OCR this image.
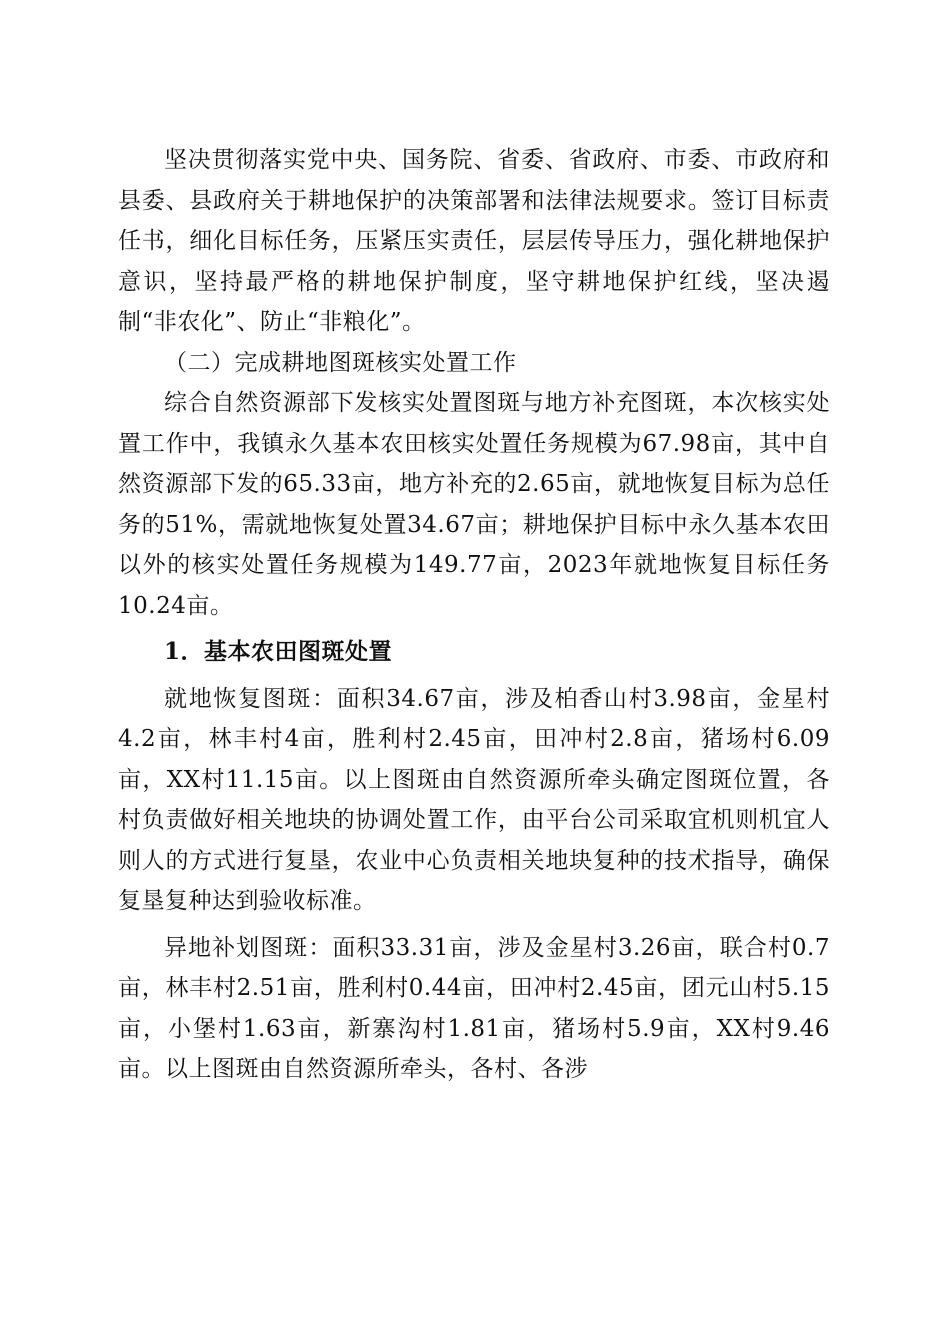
坚决贯彻落实党中央、国务院、省委、省政府、市委、市政府和县委、县政府关于耕地保护的决策部署和法律法规要求。签订目标责任书，细化目标任务，压紧压实责任，层层传导压力，强化耕地保护意识，坚持最严格的耕地保护制度，坚守耕地保护红线，坚决遏制“非农化”、防止“非粮化”。

（二）完成耕地图斑核实处置工作

综合自然资源部下发核实处置图斑与地方补充图斑，本次核实处置工作中，我镇永久基本农田核实处置任务规模为67.98亩，其中自然资源部下发的65.33亩，地方补充的2.65亩，就地恢复目标为总任务的51%，需就地恢复处置34.67亩；耕地保护目标中永久基本农田以外的核实处置任务规模为149.77亩，2023年就地恢复目标任务10.24亩。

1．基本农田图斑处置

就地恢复图斑：面积34.67亩，涉及柏香山村3.98亩，金星村4.2亩，林丰村4亩，胜利村2.45亩，田冲村2.8亩，猪场村6.09亩，XX村11.15亩。以上图斑由自然资源所牵头确定图斑位置，各村负责做好相关地块的协调处置工作，由平台公司采取宜机则机宜人则人的方式进行复垦，农业中心负责相关地块复种的技术指导，确保复垦复种达到验收标准。

异地补划图斑：面积33.31亩，涉及金星村3.26亩，联合村0.7亩，林丰村2.51亩，胜利村0.44亩，田冲村2.45亩，团元山村5.15亩，小堡村1.63亩，新寨沟村1.81亩，猪场村5.9亩，XX村9.46亩。以上图斑由自然资源所牵头，各村、各涉
